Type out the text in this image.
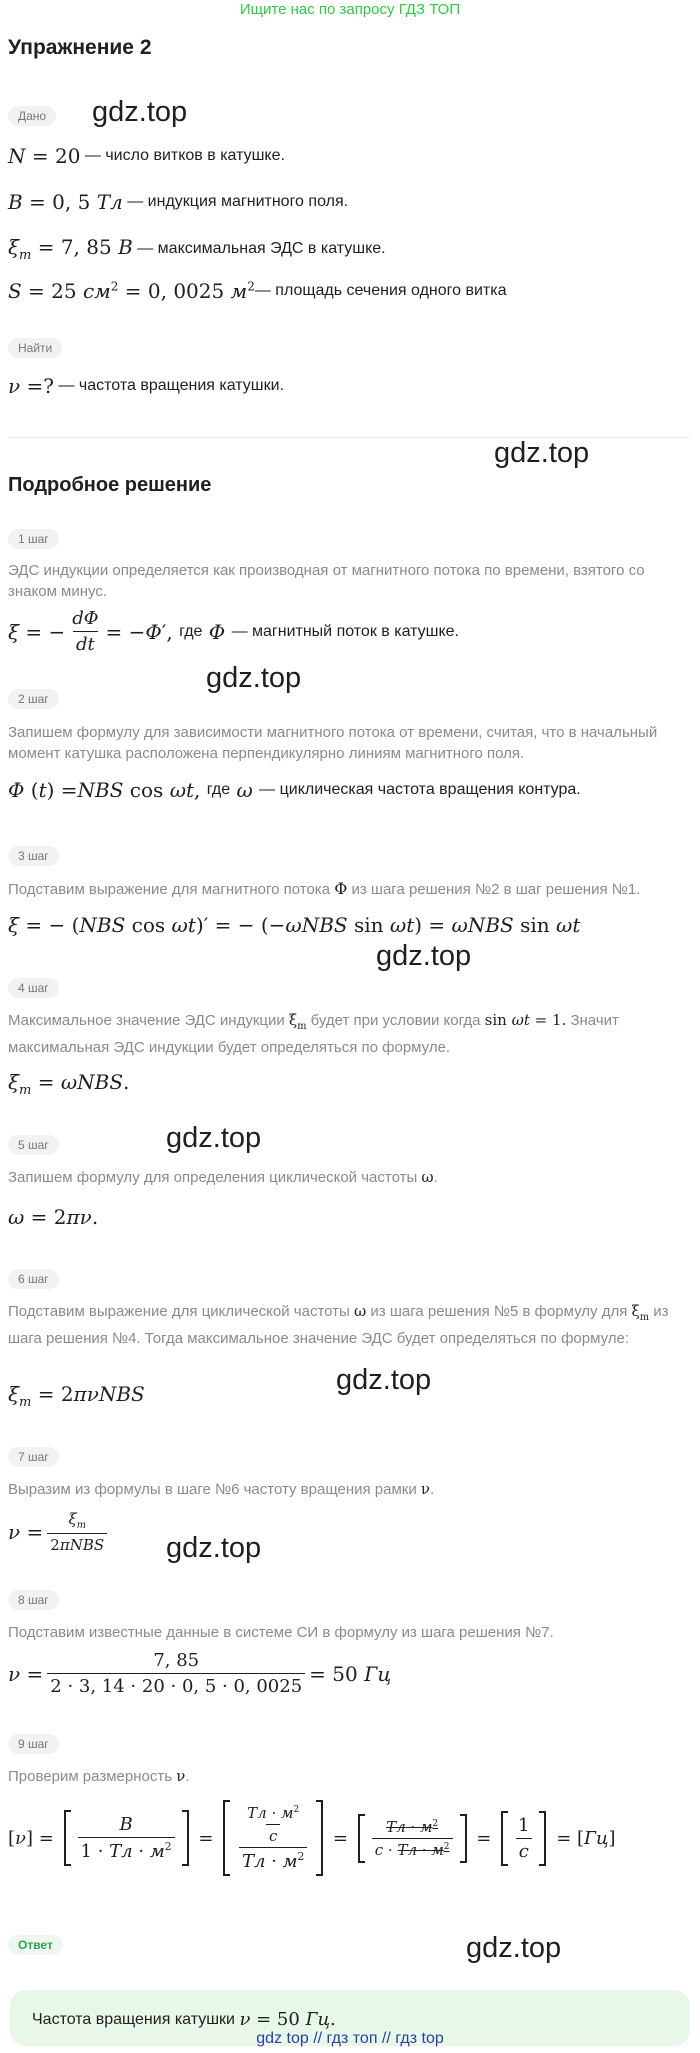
Ищите нас по запросу ГДЗ ТОП
Упражнение 2
Дано	gdz.top
N = 20
— число витков в катушке.
B = 0, 5 Тл
— индукция магнитного поля.
$\xi_m = 7$, 85 В
— максимальная ЭДС в катушке.
S = 25 $см^2 = 0$, 0025 $м^2$ — площадь сечения одного витка
Найти
ν =?
— частота вращения катушки.
gdz.top
Подробное решение
1 шаг
ЭДС индукции определяется как производная от магнитного потока по времени, взятого со знаком минус.
ξ = − $\frac{d\Phi}{dt}$ = − Φ ′, где
Φ
— магнитный поток в катушке.
gdz.top
2 шаг
Запишем формулу для зависимости магнитного потока от времени, считая, что в начальный момент катушка расположена перпендикулярно линиям магнитного поля.
Φ ( t ) = NBS cos ωt , где
ω
— циклическая частота вращения контура.
3 шаг
Подставим выражение для магнитного потока Φ из шага решения №2 в шаг решения №1.
ξ = − (NBS cos ωt)′ = − (−ωNBS sin ωt) = ωNBS sin ωt
gdz.top
4 шаг
Максимальное значение ЭДС индукции $\xi_m$ будет при условии когда sin ωt = 1. Значит максимальная ЭДС индукции будет определяться по формуле.
$\xi_m = \omega NBS$.
5 шаг	gdz.top
Запишем формулу для определения циклической частоты ω.
ω = 2πν.
6 шаг
Подставим выражение для циклической частоты ω из шага решения №5 в формулу для $\xi_m$ из шага решения №4. Тогда максимальное значение ЭДС будет определяться по формуле:
gdz.top
$\xi_m = 2\pi\nu NBS$
7 шаг
Выразим из формулы в шаге №6 частоту вращения рамки ν.
$\nu = \frac{\xi_m}{\text{2πNBS}} gdz.top$
8 шаг
Подставим известные данные в системе СИ в формулу из шага решения №7.
$\nu = \frac{7, 85}{2 \cdot 3, 14 \cdot 20 \cdot 0, 5 \cdot 0, 0025} = 50$ Гц
9 шаг
Проверим размерность ν.
[ ν ] = $\frac{В}{1 \cdot Тл \cdot м^2} = \frac{\frac{Тл \cdot м^2}{с}}{Тл \cdot м^2} = \frac{Тл \cdot м^2}{с \cdot Тл \cdot м^2} = \frac{1}{с}$ = [ Гц ]
Ответ	gdz.top
Частота вращения катушки
ν = 50 Гц.
gdz top // гдз топ // гдз top
